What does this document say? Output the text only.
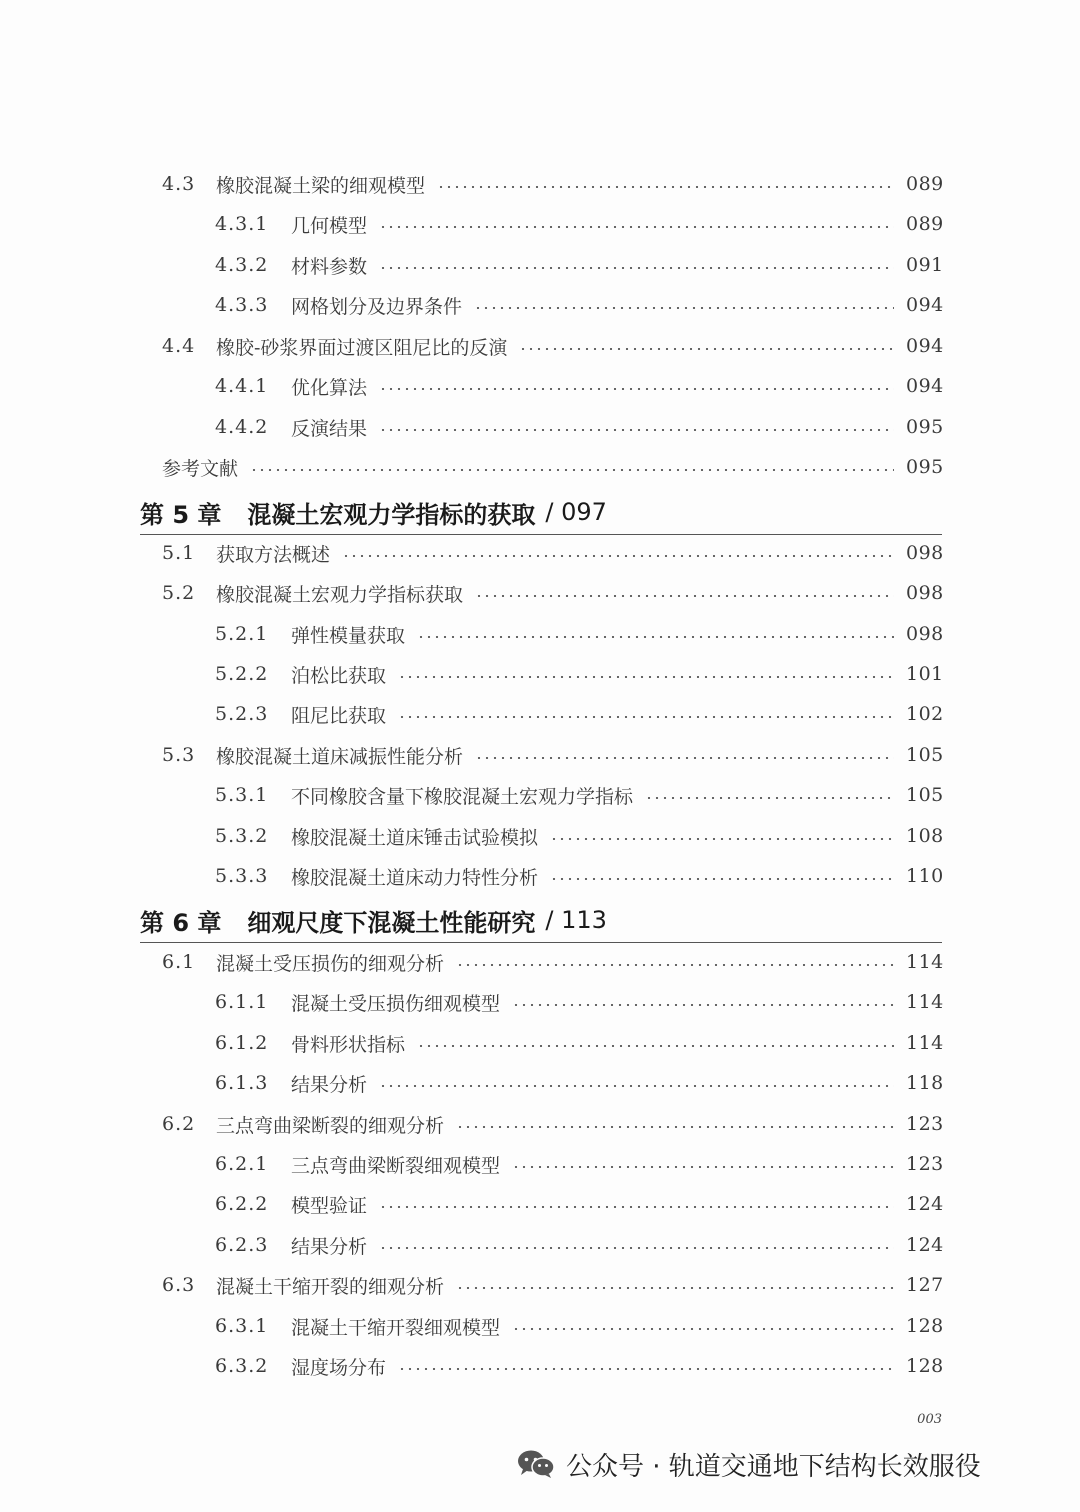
4.3	橡胶混凝土梁的细观模型	089
4.3.1	几何模型	089
4.3.2	材料参数	091
4.3.3	网格划分及边界条件	094
4.4	橡胶-砂浆界面过渡区阻尼比的反演	094
4.4.1	优化算法	094
4.4.2	反演结果	095
参考文献	095
第 5 章 混凝土宏观力学指标的获取 / 097
5.1	获取方法概述	098
5.2	橡胶混凝土宏观力学指标获取	098
5.2.1	弹性模量获取	098
5.2.2	泊松比获取	101
5.2.3	阻尼比获取	102
5.3	橡胶混凝土道床减振性能分析	105
5.3.1	不同橡胶含量下橡胶混凝土宏观力学指标	105
5.3.2	橡胶混凝土道床锤击试验模拟	108
5.3.3	橡胶混凝土道床动力特性分析	110
第 6 章 细观尺度下混凝土性能研究 / 113
6.1	混凝土受压损伤的细观分析	114
6.1.1	混凝土受压损伤细观模型	114
6.1.2	骨料形状指标	114
6.1.3	结果分析	118
6.2	三点弯曲梁断裂的细观分析	123
6.2.1	三点弯曲梁断裂细观模型	123
6.2.2	模型验证	124
6.2.3	结果分析	124
6.3	混凝土干缩开裂的细观分析	127
6.3.1	混凝土干缩开裂细观模型	128
6.3.2	湿度场分布	128
003
公众号 · 轨道交通地下结构长效服役
